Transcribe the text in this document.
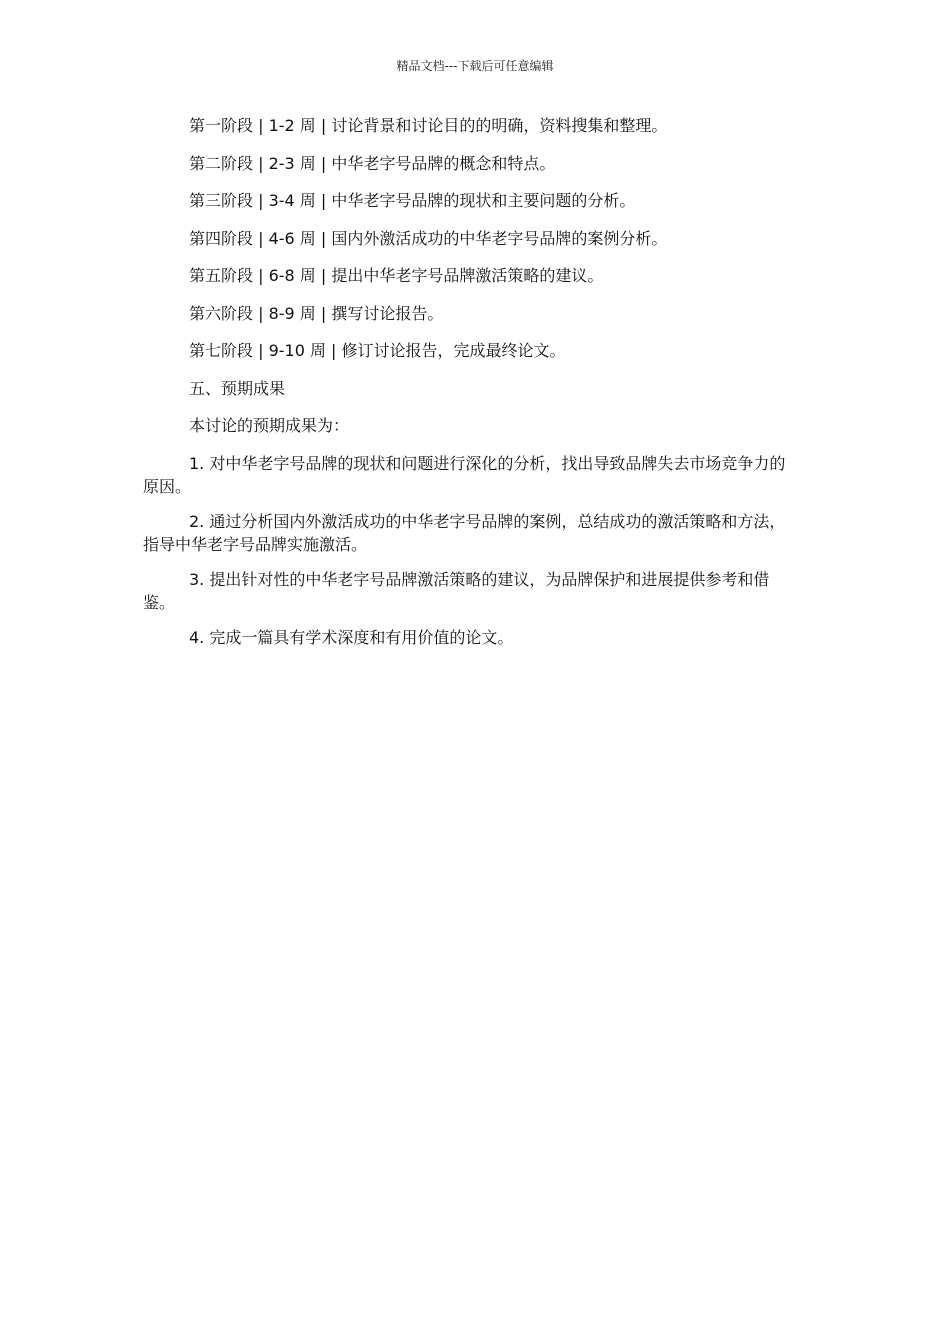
精品文档---下载后可任意编辑

第一阶段 | 1-2 周 | 讨论背景和讨论目的的明确，资料搜集和整理。

第二阶段 | 2-3 周 | 中华老字号品牌的概念和特点。

第三阶段 | 3-4 周 | 中华老字号品牌的现状和主要问题的分析。

第四阶段 | 4-6 周 | 国内外激活成功的中华老字号品牌的案例分析。

第五阶段 | 6-8 周 | 提出中华老字号品牌激活策略的建议。

第六阶段 | 8-9 周 | 撰写讨论报告。

第七阶段 | 9-10 周 | 修订讨论报告，完成最终论文。

五、预期成果

本讨论的预期成果为：

1. 对中华老字号品牌的现状和问题进行深化的分析，找出导致品牌失去市场竞争力的原因。

2. 通过分析国内外激活成功的中华老字号品牌的案例，总结成功的激活策略和方法，指导中华老字号品牌实施激活。

3. 提出针对性的中华老字号品牌激活策略的建议，为品牌保护和进展提供参考和借鉴。

4. 完成一篇具有学术深度和有用价值的论文。
